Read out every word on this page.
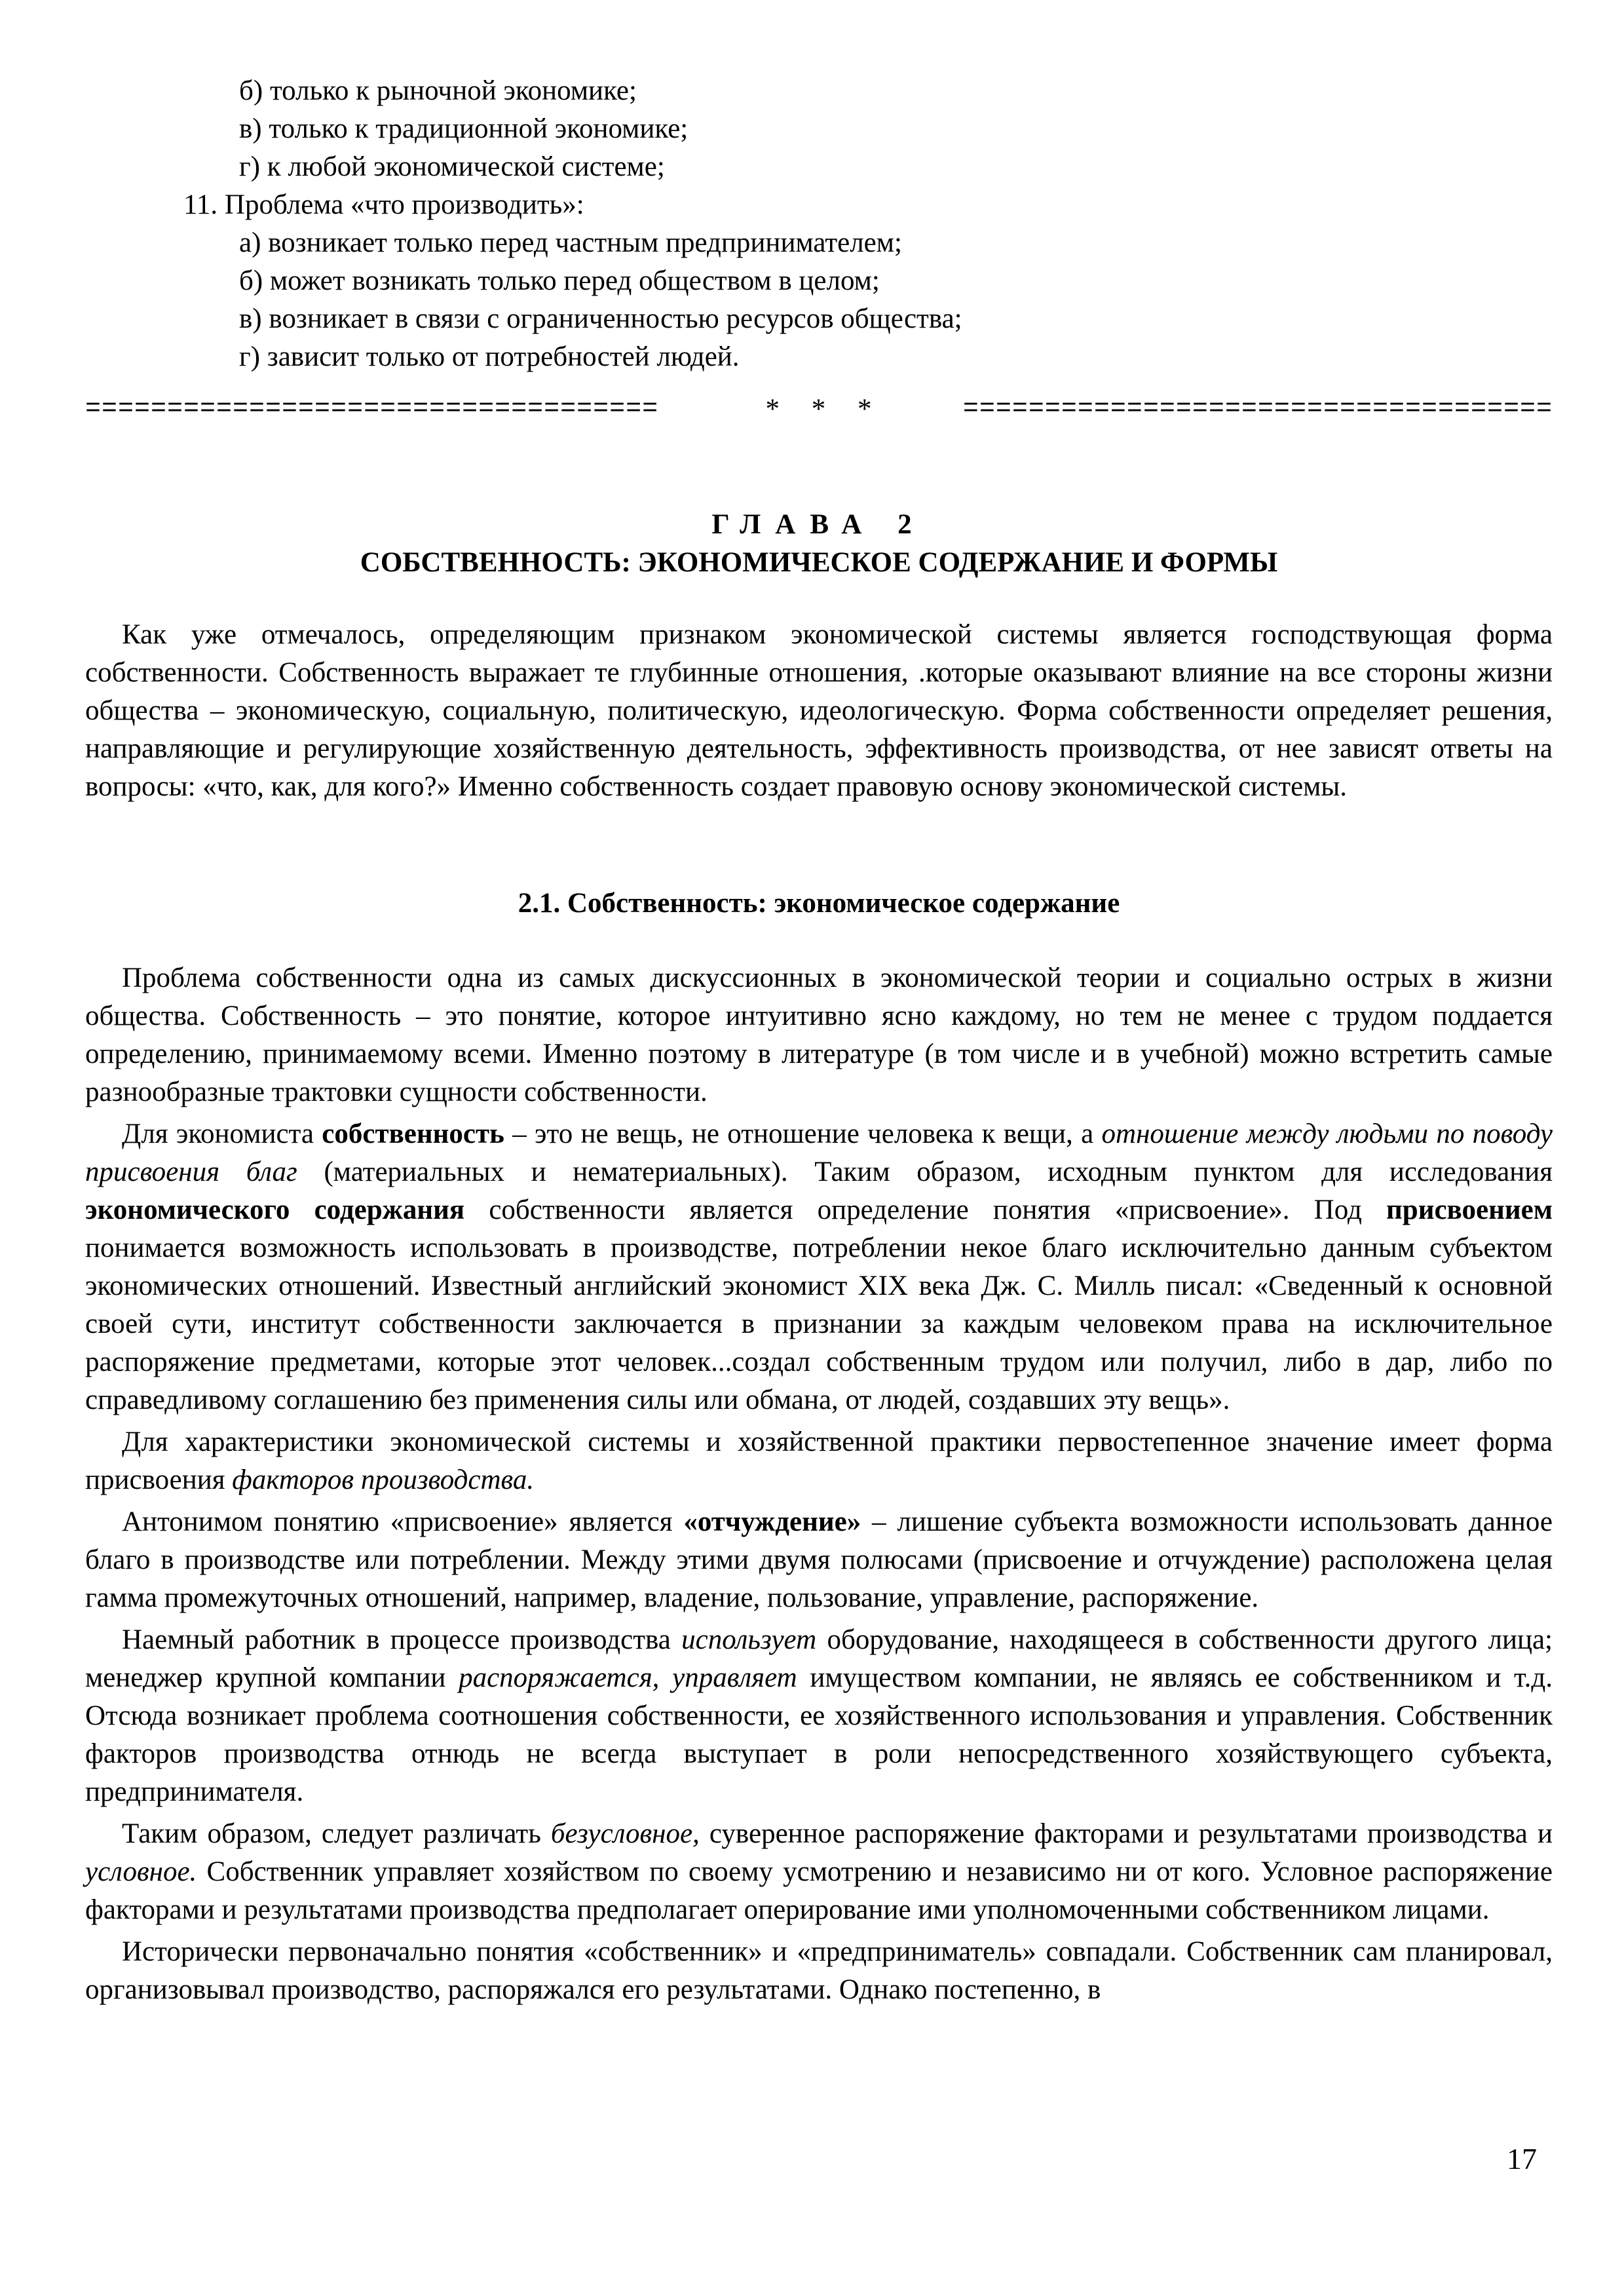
б) только к рыночной экономике;
в) только к традиционной экономике;
г) к любой экономической системе;
11. Проблема «что производить»:
а) возникает только перед частным предпринимателем;
б) может возникать только перед обществом в целом;
в) возникает в связи с ограниченностью ресурсов общества;
г) зависит только от потребностей людей.
===================================	* * *	====================================
ГЛАВА 2
СОБСТВЕННОСТЬ: ЭКОНОМИЧЕСКОЕ СОДЕРЖАНИЕ И ФОРМЫ
Как уже отмечалось, определяющим признаком экономической системы является господствующая форма собственности. Собственность выражает те глубинные отношения, .которые оказывают влияние на все стороны жизни общества – экономическую, социальную, политическую, идеологическую. Форма собственности определяет решения, направляющие и регулирующие хозяйственную деятельность, эффективность производства, от нее зависят ответы на вопросы: «что, как, для кого?» Именно собственность создает правовую основу экономической системы.
2.1. Собственность: экономическое содержание
Проблема собственности одна из самых дискуссионных в экономической теории и социально острых в жизни общества. Собственность – это понятие, которое интуитивно ясно каждому, но тем не менее с трудом поддается определению, принимаемому всеми. Именно поэтому в литературе (в том числе и в учебной) можно встретить самые разнообразные трактовки сущности собственности.
Для экономиста собственность – это не вещь, не отношение человека к вещи, а отношение между людьми по поводу присвоения благ (материальных и нематериальных). Таким образом, исходным пунктом для исследования экономического содержания собственности является определение понятия «присвоение». Под присвоением понимается возможность использовать в производстве, потреблении некое благо исключительно данным субъектом экономических отношений. Известный английский экономист XIX века Дж. С. Милль писал: «Сведенный к основной своей сути, институт собственности заключается в признании за каждым человеком права на исключительное распоряжение предметами, которые этот человек...создал собственным трудом или получил, либо в дар, либо по справедливому соглашению без применения силы или обмана, от людей, создавших эту вещь».
Для характеристики экономической системы и хозяйственной практики первостепенное значение имеет форма присвоения факторов производства.
Антонимом понятию «присвоение» является «отчуждение» – лишение субъекта возможности использовать данное благо в производстве или потреблении. Между этими двумя полюсами (присвоение и отчуждение) расположена целая гамма промежуточных отношений, например, владение, пользование, управление, распоряжение.
Наемный работник в процессе производства использует оборудование, находящееся в собственности другого лица; менеджер крупной компании распоряжается, управляет имуществом компании, не являясь ее собственником и т.д. Отсюда возникает проблема соотношения собственности, ее хозяйственного использования и управления. Собственник факторов производства отнюдь не всегда выступает в роли непосредственного хозяйствующего субъекта, предпринимателя.
Таким образом, следует различать безусловное, суверенное распоряжение факторами и результатами производства и условное. Собственник управляет хозяйством по своему усмотрению и независимо ни от кого. Условное распоряжение факторами и результатами производства предполагает оперирование ими уполномоченными собственником лицами.
Исторически первоначально понятия «собственник» и «предприниматель» совпадали. Собственник сам планировал, организовывал производство, распоряжался его результатами. Однако постепенно, в
17
